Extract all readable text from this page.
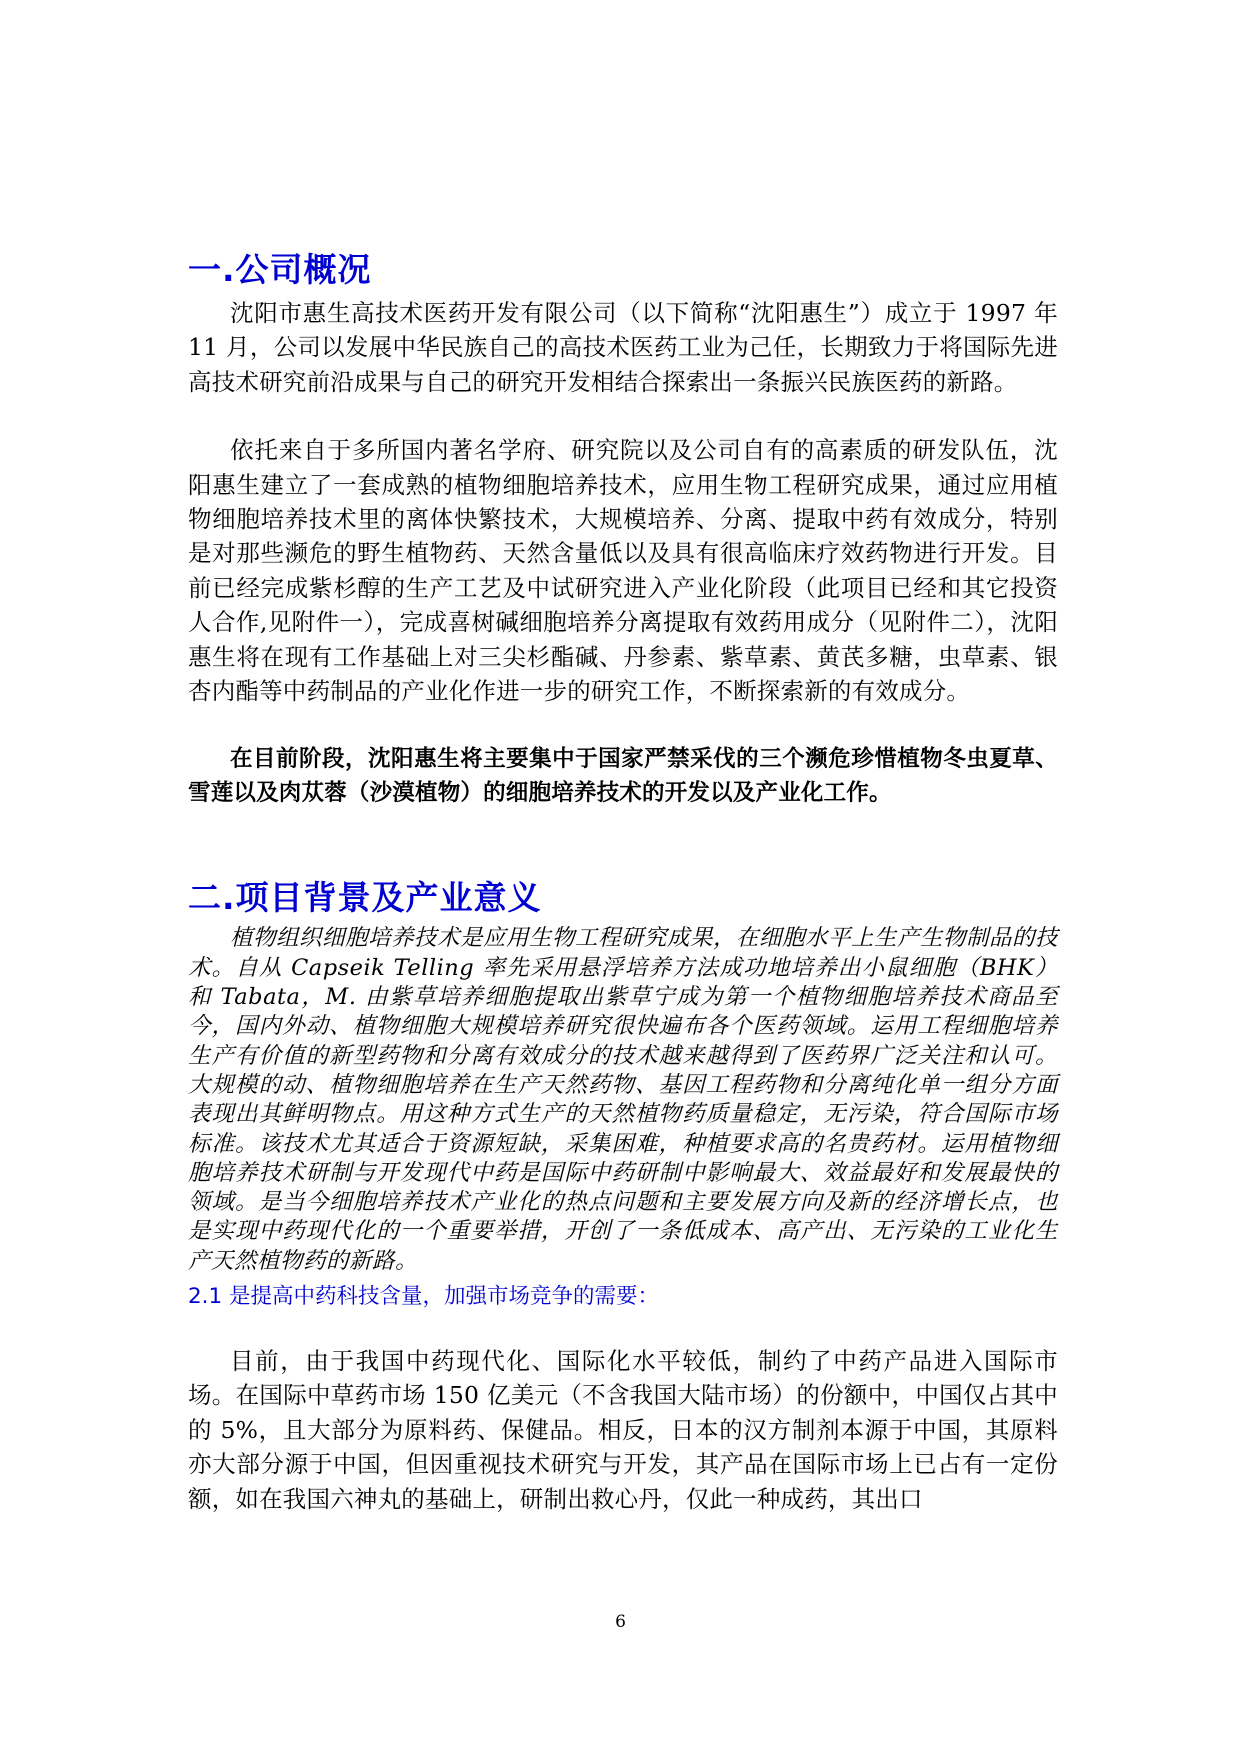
一.公司概况

沈阳市惠生高技术医药开发有限公司（以下简称“沈阳惠生”）成立于 1997 年 11 月，公司以发展中华民族自己的高技术医药工业为己任，长期致力于将国际先进高技术研究前沿成果与自己的研究开发相结合探索出一条振兴民族医药的新路。

依托来自于多所国内著名学府、研究院以及公司自有的高素质的研发队伍，沈阳惠生建立了一套成熟的植物细胞培养技术，应用生物工程研究成果，通过应用植物细胞培养技术里的离体快繁技术，大规模培养、分离、提取中药有效成分，特别是对那些濒危的野生植物药、天然含量低以及具有很高临床疗效药物进行开发。目前已经完成紫杉醇的生产工艺及中试研究进入产业化阶段（此项目已经和其它投资人合作,见附件一），完成喜树碱细胞培养分离提取有效药用成分（见附件二），沈阳惠生将在现有工作基础上对三尖杉酯碱、丹参素、紫草素、黄芪多糖，虫草素、银杏内酯等中药制品的产业化作进一步的研究工作，不断探索新的有效成分。

在目前阶段，沈阳惠生将主要集中于国家严禁采伐的三个濒危珍惜植物冬虫夏草、雪莲以及肉苁蓉（沙漠植物）的细胞培养技术的开发以及产业化工作。

二.项目背景及产业意义

植物组织细胞培养技术是应用生物工程研究成果，在细胞水平上生产生物制品的技术。自从 Capseik Telling 率先采用悬浮培养方法成功地培养出小鼠细胞（BHK）和 Tabata，M. 由紫草培养细胞提取出紫草宁成为第一个植物细胞培养技术商品至今，国内外动、植物细胞大规模培养研究很快遍布各个医药领域。运用工程细胞培养生产有价值的新型药物和分离有效成分的技术越来越得到了医药界广泛关注和认可。大规模的动、植物细胞培养在生产天然药物、基因工程药物和分离纯化单一组分方面表现出其鲜明物点。用这种方式生产的天然植物药质量稳定，无污染，符合国际市场标准。该技术尤其适合于资源短缺，采集困难，种植要求高的名贵药材。运用植物细胞培养技术研制与开发现代中药是国际中药研制中影响最大、效益最好和发展最快的领域。是当今细胞培养技术产业化的热点问题和主要发展方向及新的经济增长点，也是实现中药现代化的一个重要举措，开创了一条低成本、高产出、无污染的工业化生产天然植物药的新路。

2.1 是提高中药科技含量，加强市场竞争的需要：

目前，由于我国中药现代化、国际化水平较低，制约了中药产品进入国际市场。在国际中草药市场 150 亿美元（不含我国大陆市场）的份额中，中国仅占其中的 5%，且大部分为原料药、保健品。相反，日本的汉方制剂本源于中国，其原料亦大部分源于中国，但因重视技术研究与开发，其产品在国际市场上已占有一定份额，如在我国六神丸的基础上，研制出救心丹，仅此一种成药，其出口

6
